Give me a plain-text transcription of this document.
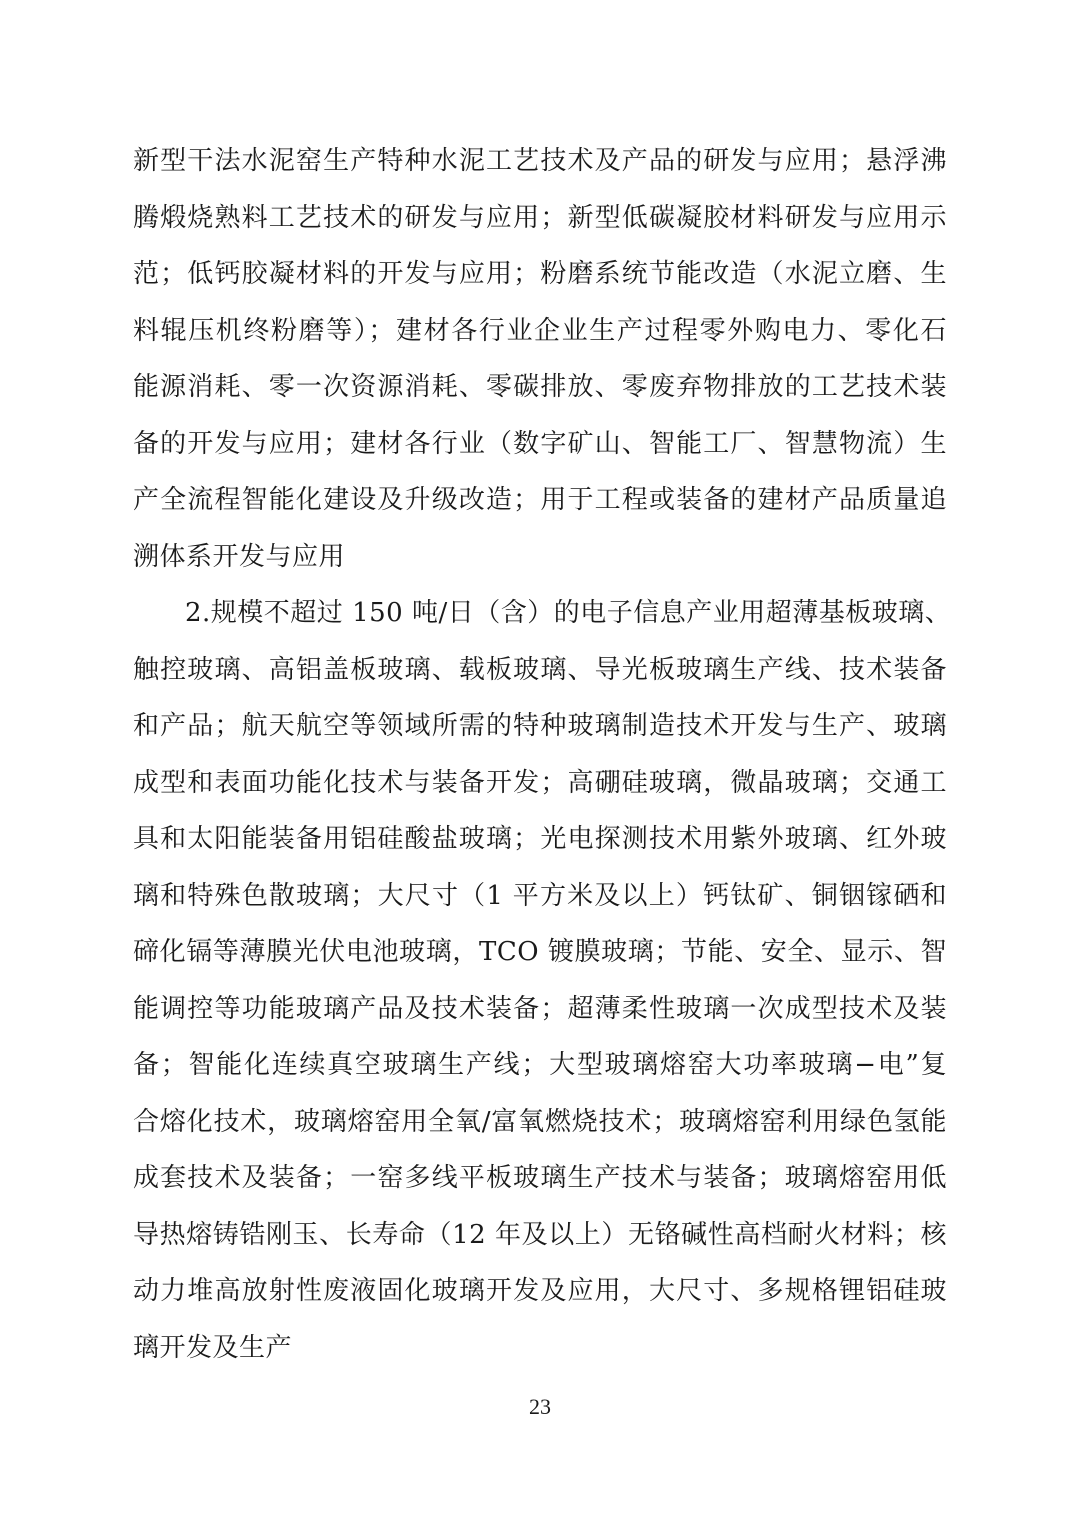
新型干法水泥窑生产特种水泥工艺技术及产品的研发与应用；悬浮沸
腾煅烧熟料工艺技术的研发与应用；新型低碳凝胶材料研发与应用示
范；低钙胶凝材料的开发与应用；粉磨系统节能改造（水泥立磨、生
料辊压机终粉磨等）；建材各行业企业生产过程零外购电力、零化石
能源消耗、零一次资源消耗、零碳排放、零废弃物排放的工艺技术装
备的开发与应用；建材各行业（数字矿山、智能工厂、智慧物流）生
产全流程智能化建设及升级改造；用于工程或装备的建材产品质量追
溯体系开发与应用
2.规模不超过 150 吨/日（含）的电子信息产业用超薄基板玻璃、
触控玻璃、高铝盖板玻璃、载板玻璃、导光板玻璃生产线、技术装备
和产品；航天航空等领域所需的特种玻璃制造技术开发与生产、玻璃
成型和表面功能化技术与装备开发；高硼硅玻璃，微晶玻璃；交通工
具和太阳能装备用铝硅酸盐玻璃；光电探测技术用紫外玻璃、红外玻
璃和特殊色散玻璃；大尺寸（1 平方米及以上）钙钛矿、铜铟镓硒和
碲化镉等薄膜光伏电池玻璃，TCO 镀膜玻璃；节能、安全、显示、智
能调控等功能玻璃产品及技术装备；超薄柔性玻璃一次成型技术及装
备；智能化连续真空玻璃生产线；大型玻璃熔窑大功率玻璃−电”复
合熔化技术，玻璃熔窑用全氧/富氧燃烧技术；玻璃熔窑利用绿色氢能
成套技术及装备；一窑多线平板玻璃生产技术与装备；玻璃熔窑用低
导热熔铸锆刚玉、长寿命（12 年及以上）无铬碱性高档耐火材料；核
动力堆高放射性废液固化玻璃开发及应用，大尺寸、多规格锂铝硅玻
璃开发及生产
23
